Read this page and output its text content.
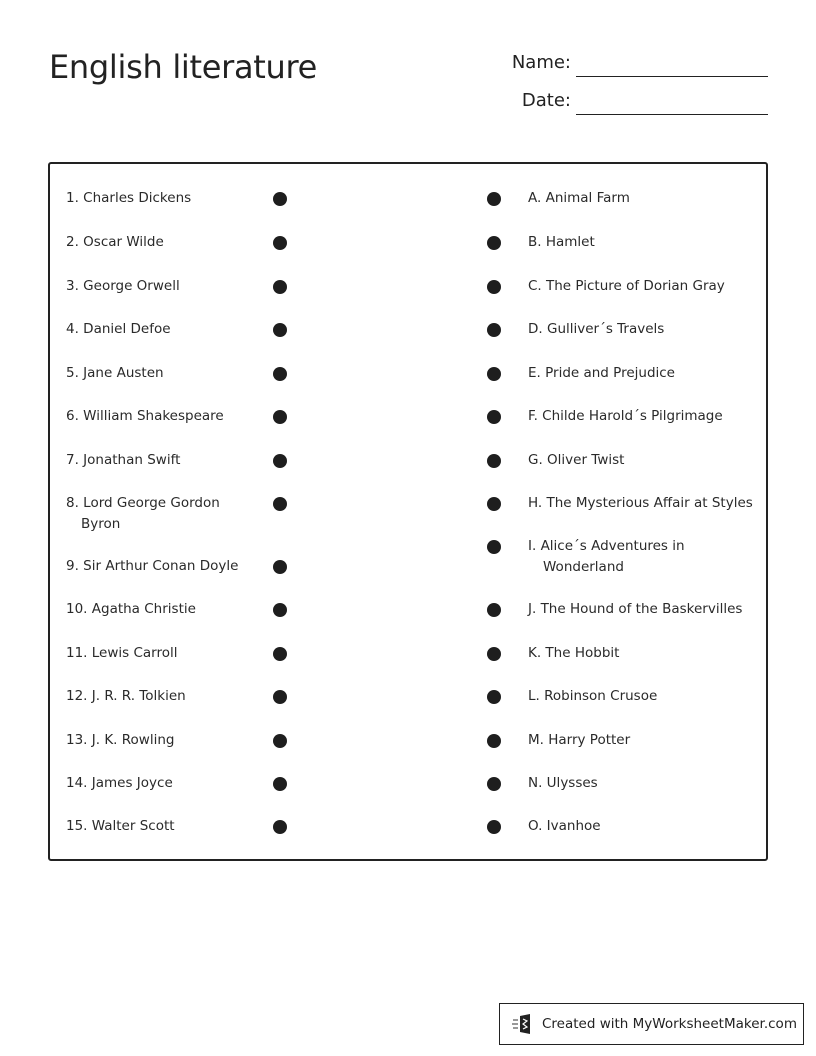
English literature	Name:
Date:
1. Charles Dickens
2. Oscar Wilde
3. George Orwell
4. Daniel Defoe
5. Jane Austen
6. William Shakespeare
7. Jonathan Swift
8. Lord George Gordon
Byron
9. Sir Arthur Conan Doyle
10. Agatha Christie
11. Lewis Carroll
12. J. R. R. Tolkien
13. J. K. Rowling
14. James Joyce
15. Walter Scott
A. Animal Farm
B. Hamlet
C. The Picture of Dorian Gray
D. Gulliver´s Travels
E. Pride and Prejudice
F. Childe Harold´s Pilgrimage
G. Oliver Twist
H. The Mysterious Affair at Styles
I. Alice´s Adventures in
Wonderland
J. The Hound of the Baskervilles
K. The Hobbit
L. Robinson Crusoe
M. Harry Potter
N. Ulysses
O. Ivanhoe
Created with MyWorksheetMaker.com
